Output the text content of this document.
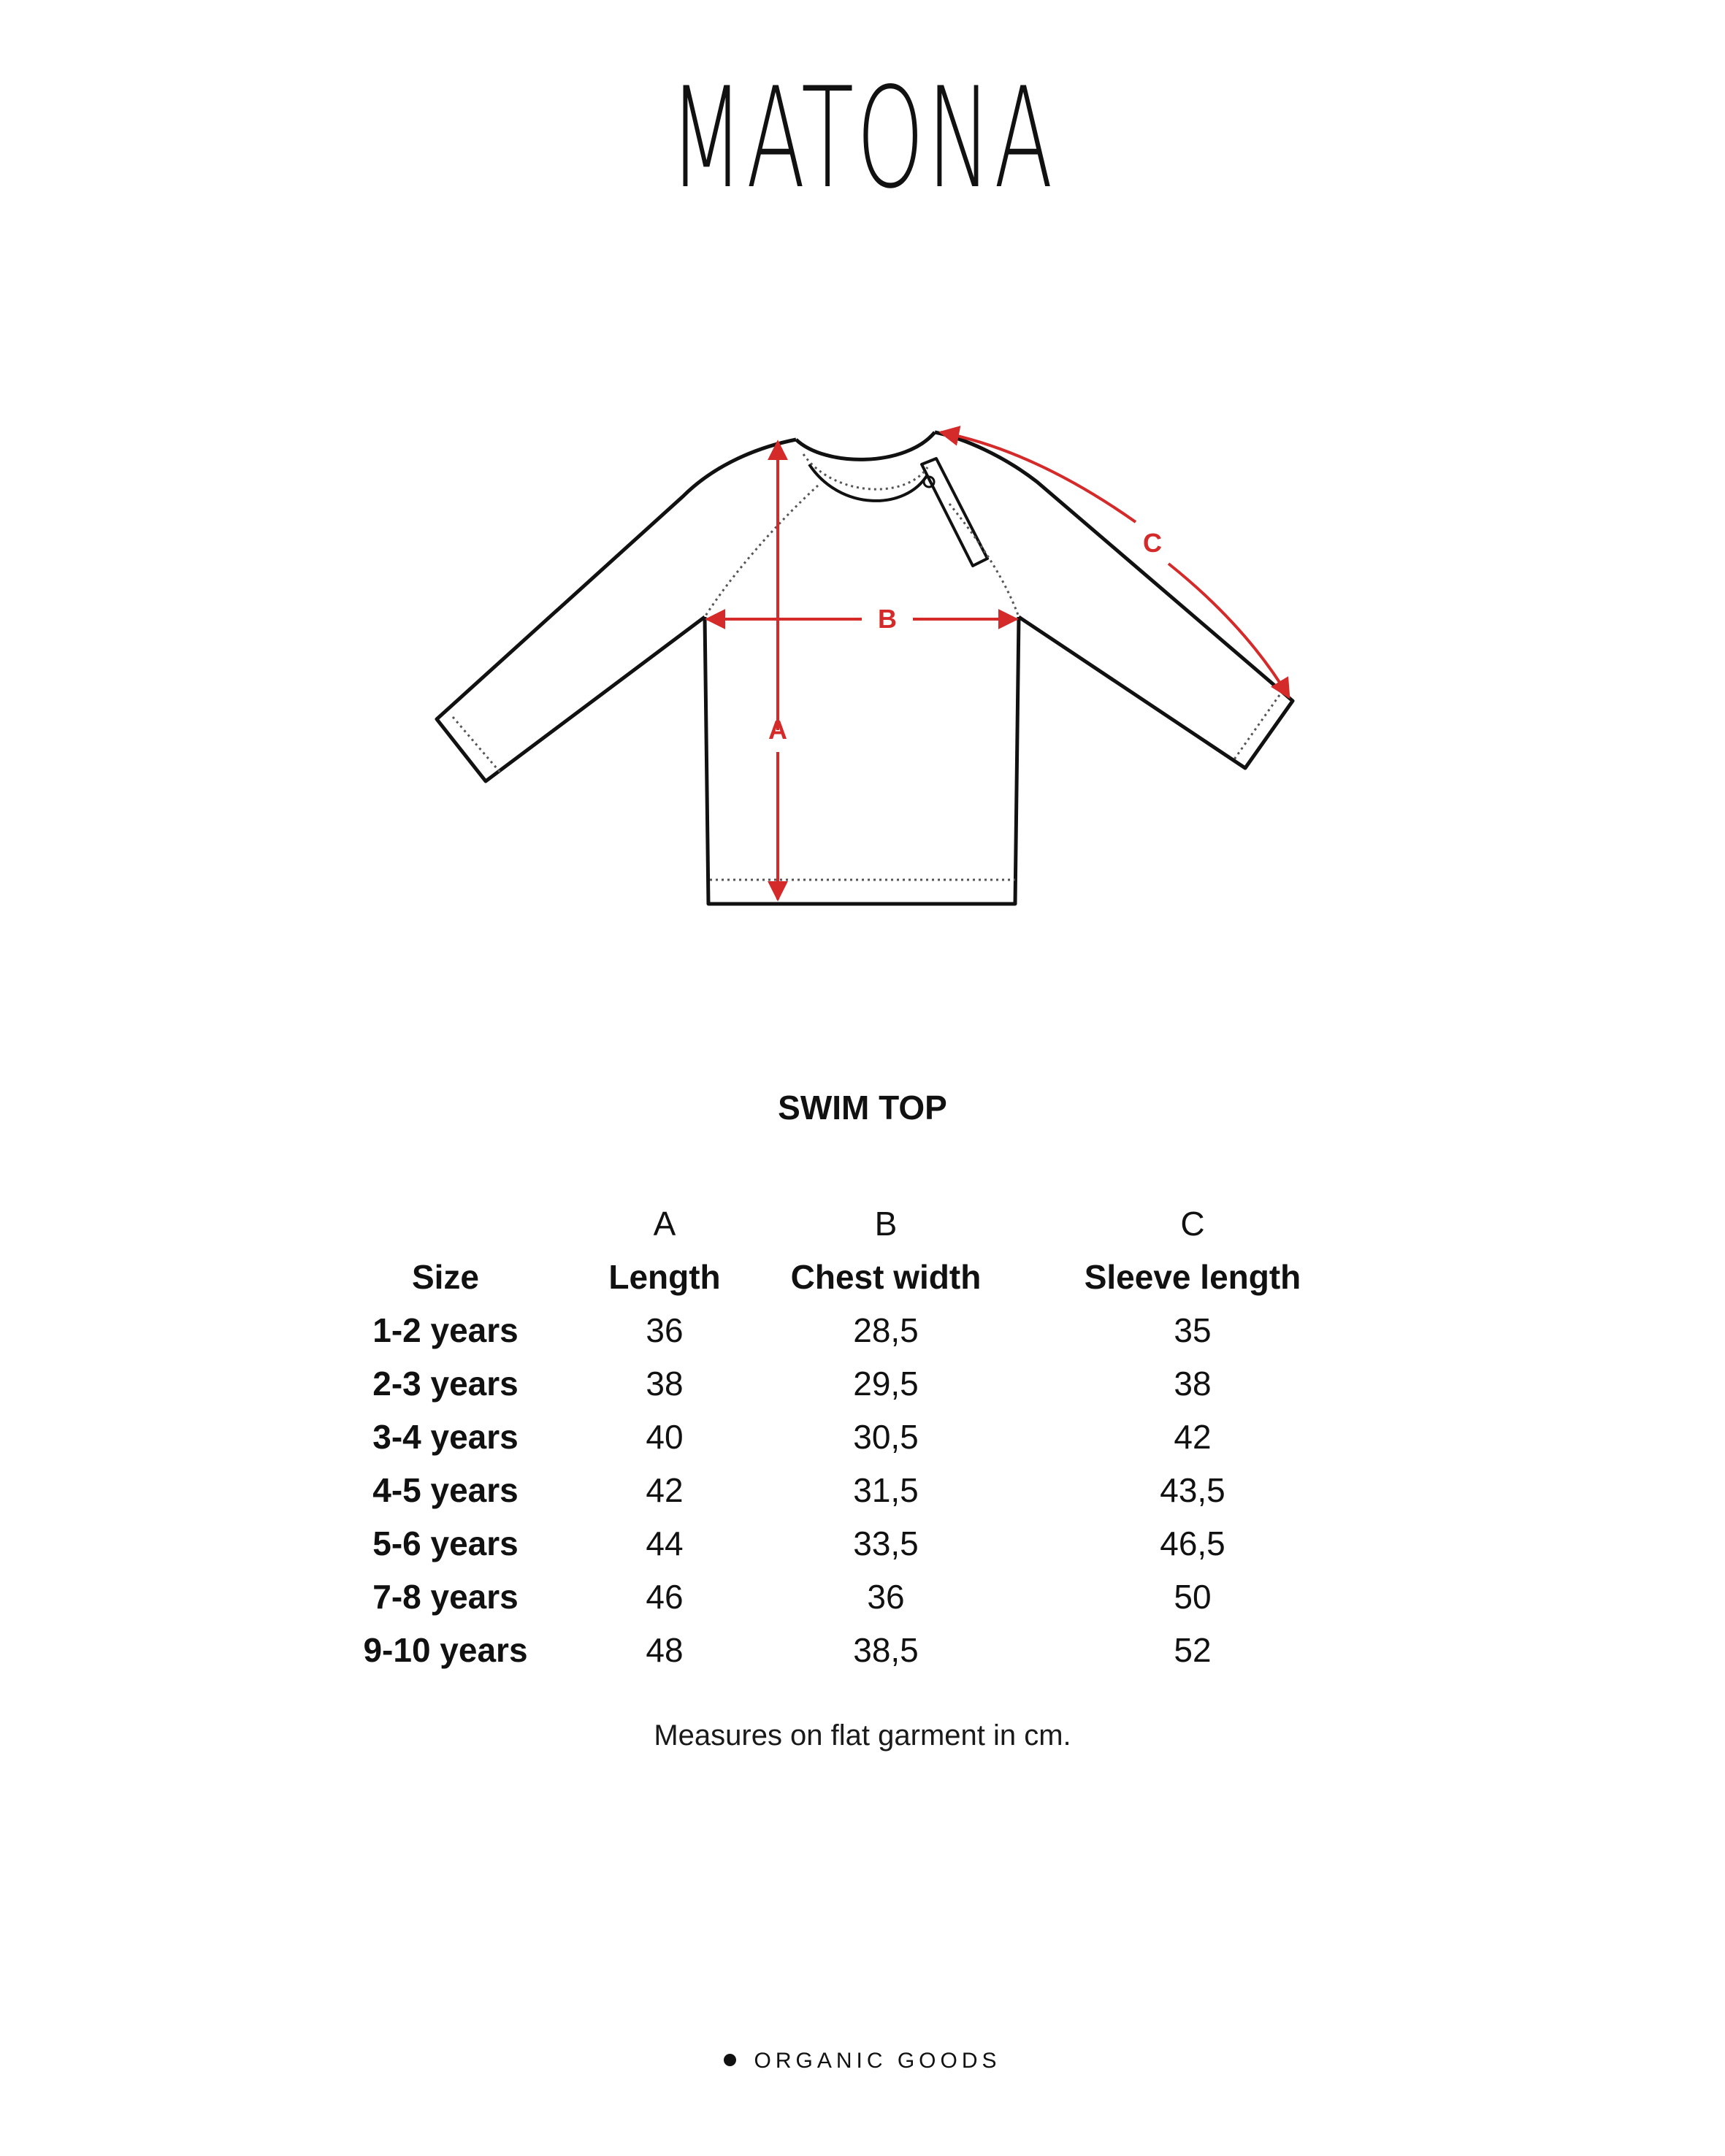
MATONA
A
B
C
SWIM TOP
	A	B	C
Size	Length	Chest width	Sleeve length
1-2 years	36	28,5	35
2-3 years	38	29,5	38
3-4 years	40	30,5	42
4-5 years	42	31,5	43,5
5-6 years	44	33,5	46,5
7-8 years	46	36	50
9-10 years	48	38,5	52
Measures on flat garment in cm.
ORGANIC GOODS
